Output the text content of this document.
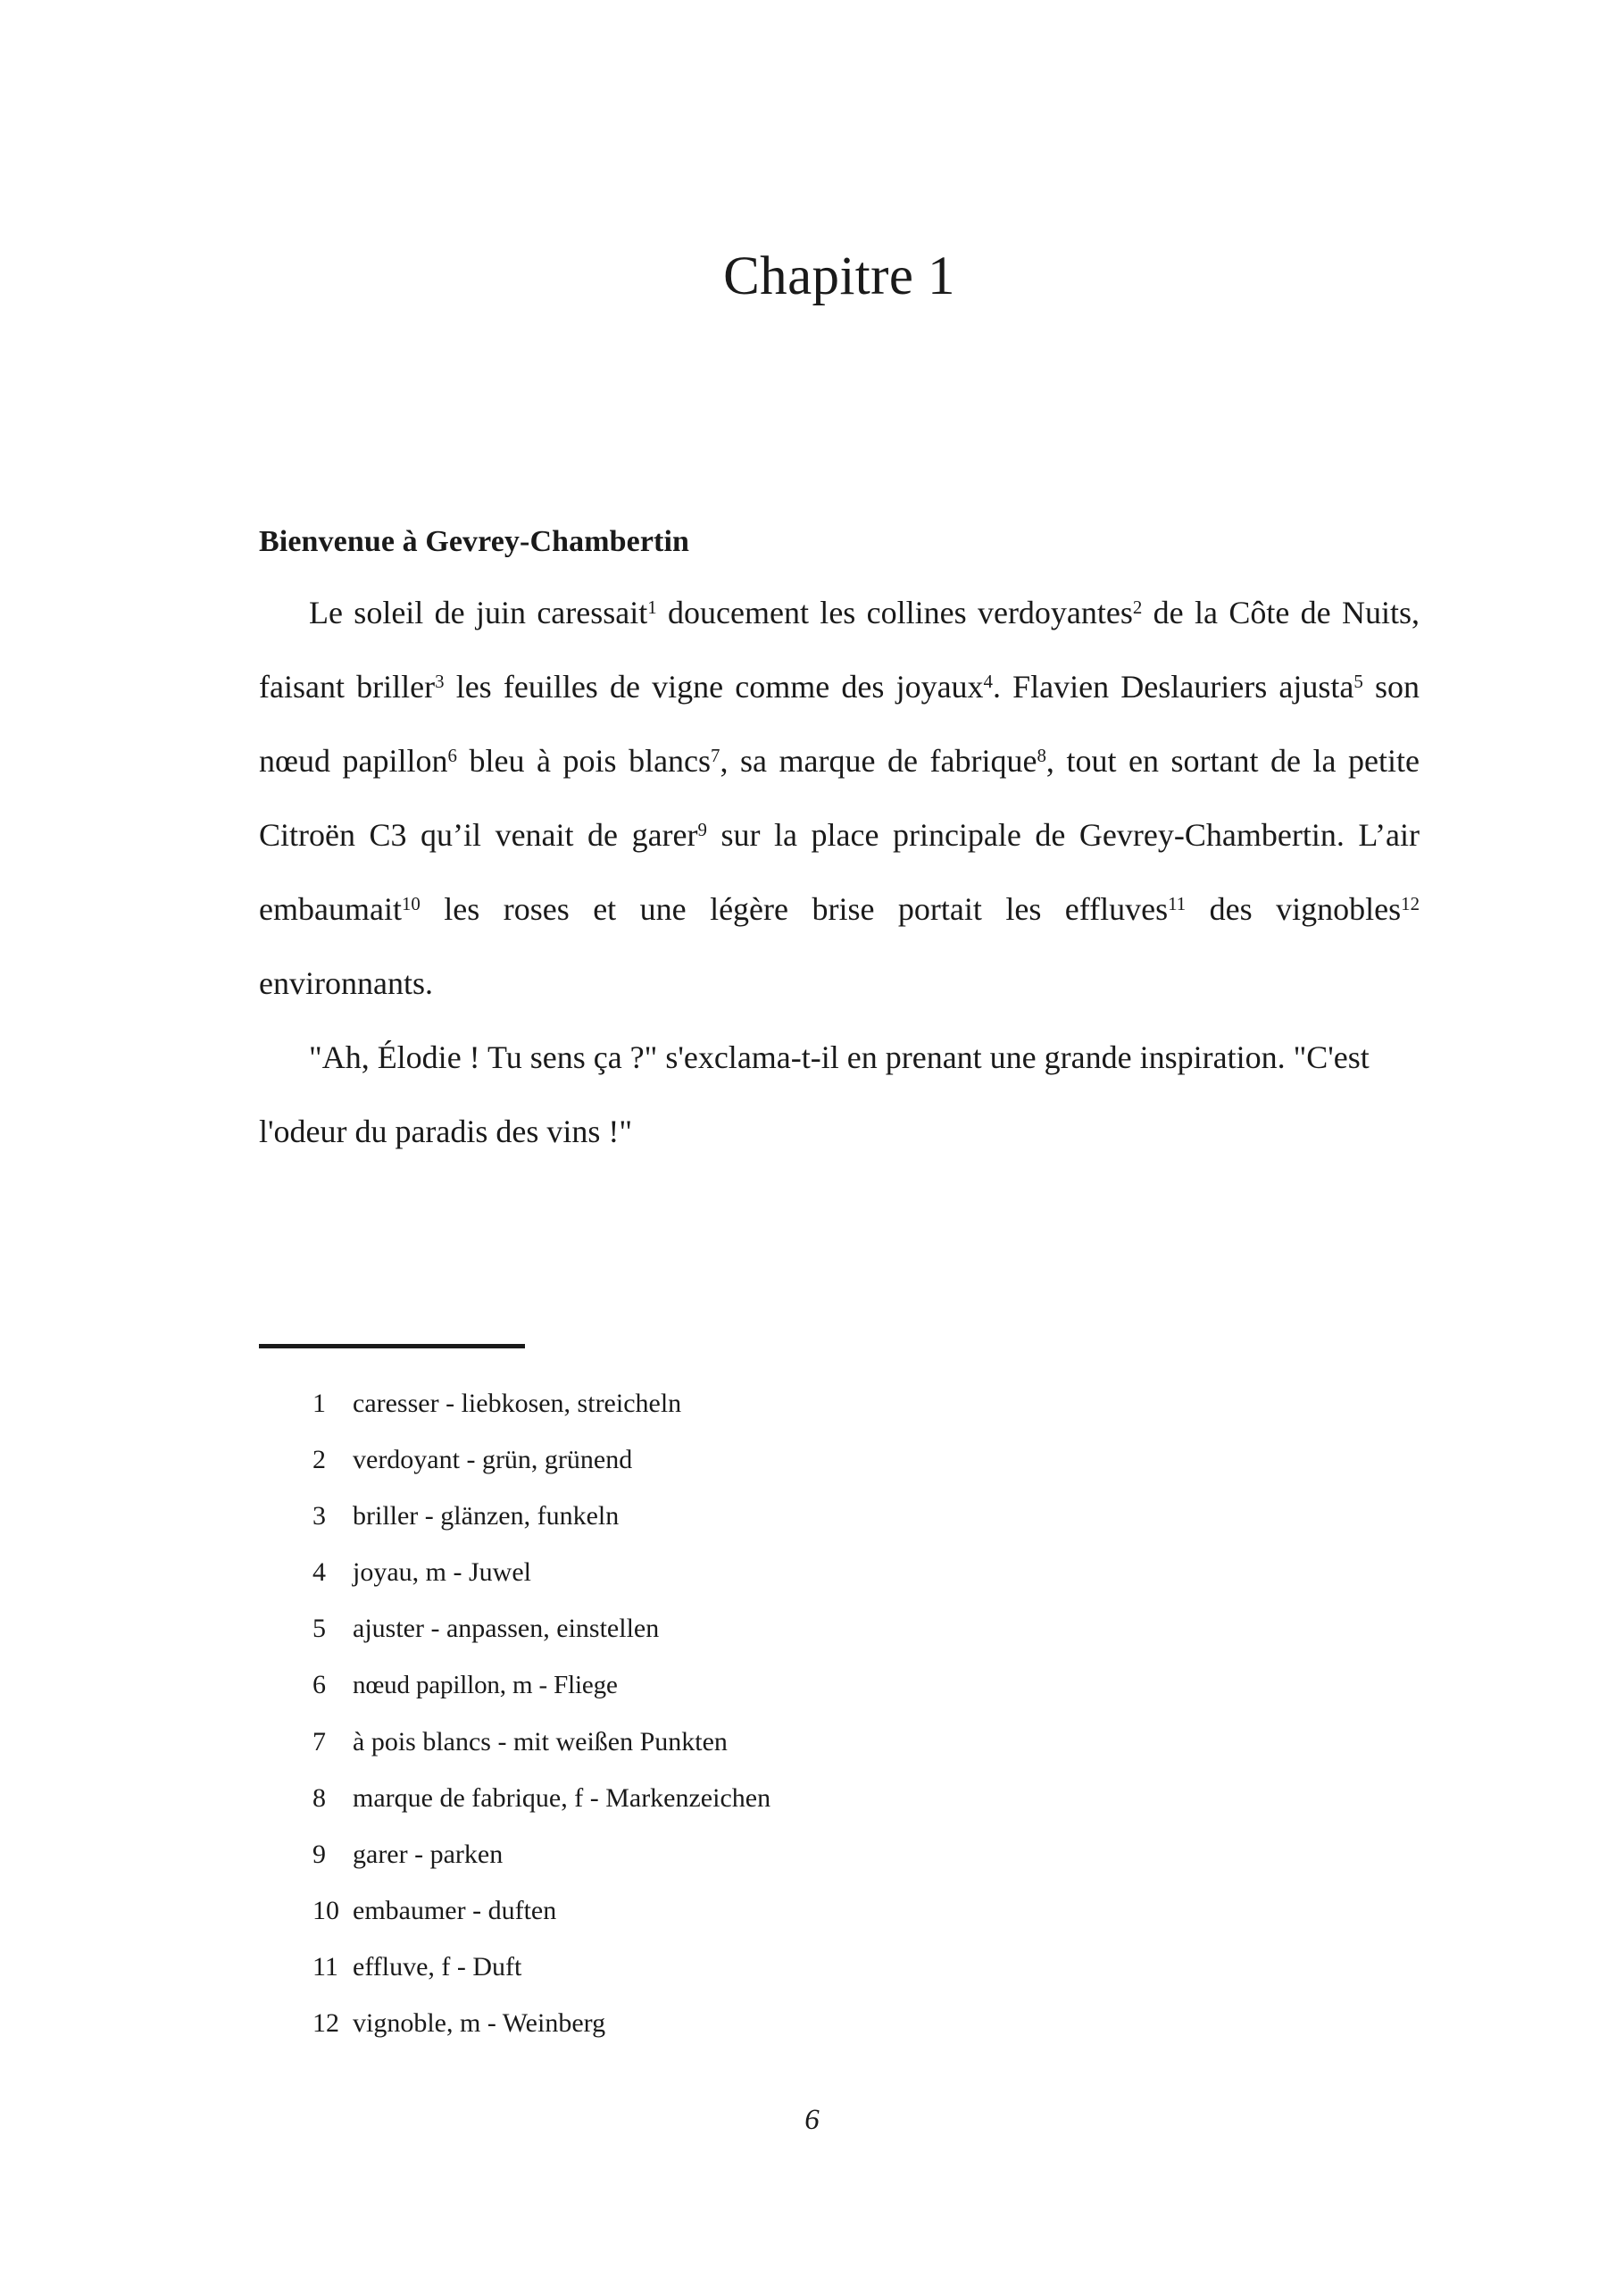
Chapitre 1
Bienvenue à Gevrey-Chambertin

Le soleil de juin caressait$^1$ doucement les collines verdoyantes$^2$ de la Côte de Nuits, faisant briller$^3$ les feuilles de vigne comme des joyaux$^4$. Flavien Deslauriers ajusta$^5$ son nœud papillon$^6$ bleu à pois blancs$^7$, sa marque de fabrique$^8$, tout en sortant de la petite Citroën C3 qu’il venait de garer$^9$ sur la place principale de Gevrey-Chambertin. L’air embaumait$^{10}$ les roses et une légère brise portait les effluves$^{11}$ des vignobles$^{12}$ environnants.

"Ah, Élodie ! Tu sens ça ?" s'exclama-t-il en prenant une grande inspiration. "C'est l'odeur du paradis des vins !"

1	caresser - liebkosen, streicheln
2	verdoyant - grün, grünend
3	briller - glänzen, funkeln
4	joyau, m - Juwel
5	ajuster - anpassen, einstellen
6	nœud papillon, m - Fliege
7	à pois blancs - mit weißen Punkten
8	marque de fabrique, f - Markenzeichen
9	garer - parken
10 embaumer - duften
11 effluve, f - Duft
12 vignoble, m - Weinberg
6
